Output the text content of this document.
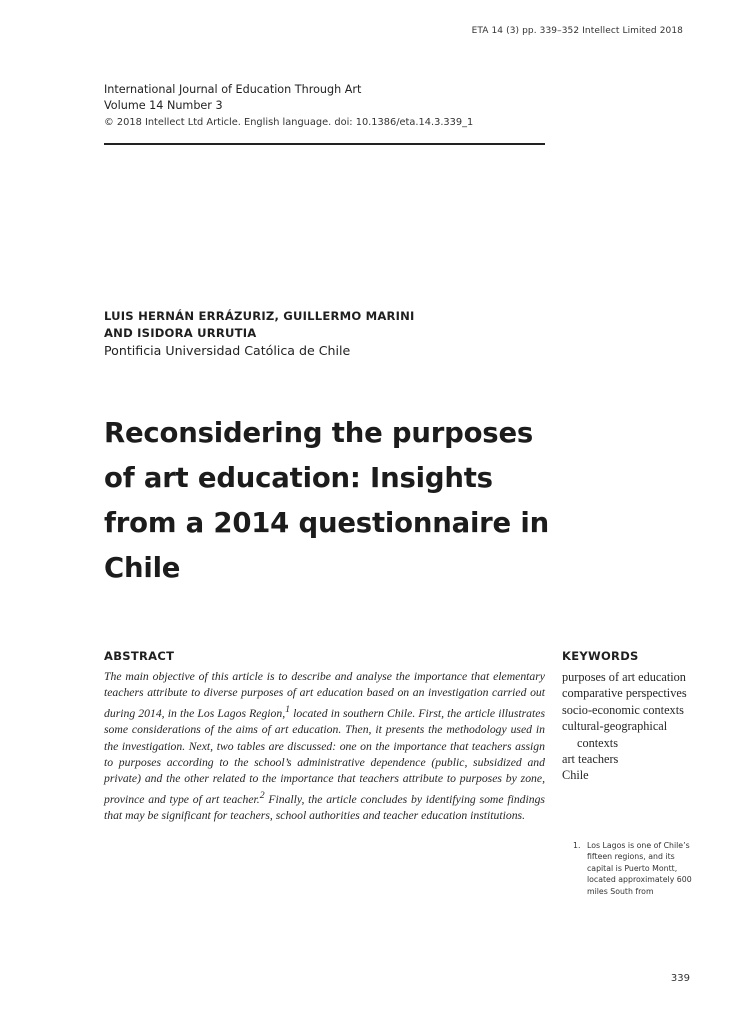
ETA 14 (3) pp. 339–352 Intellect Limited 2018
International Journal of Education Through Art
Volume 14 Number 3
© 2018 Intellect Ltd Article. English language. doi: 10.1386/eta.14.3.339_1
LUIS HERNÁN ERRÁZURIZ, GUILLERMO MARINI
AND ISIDORA URRUTIA
Pontificia Universidad Católica de Chile
Reconsidering the purposes
of art education: Insights
from a 2014 questionnaire in
Chile
ABSTRACT

The main objective of this article is to describe and analyse the importance that elementary teachers attribute to diverse purposes of art education based on an investigation carried out during 2014, in the Los Lagos Region,$^1$ located in southern Chile. First, the article illustrates some considerations of the aims of art education. Then, it presents the methodology used in the investigation. Next, two tables are discussed: one on the importance that teachers assign to purposes according to the school’s administrative dependence (public, subsidized and private) and the other related to the importance that teachers attribute to purposes by zone, province and type of art teacher.$^2$ Finally, the article concludes by identifying some findings that may be significant for teachers, school authorities and teacher education institutions.

KEYWORDS
purposes of art education
comparative perspectives
socio-economic contexts
cultural-geographical contexts
art teachers
Chile
1. Los Lagos is one of Chile’s fifteen regions, and its capital is Puerto Montt, located approximately 600 miles South from
339
